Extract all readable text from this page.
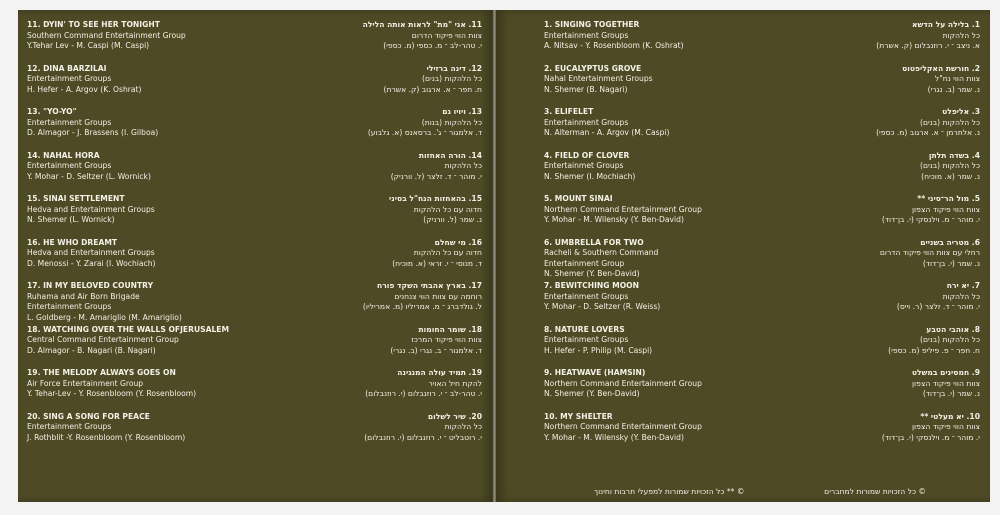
11. DYIN' TO SEE HER TONIGHT
Southern Command Entertainment Group
Y.Tehar Lev - M. Caspi (M. Caspi)
11. אני "מת" לראות אותה הלילה
צוות הווי פיקוד הדרום
י. טהר-לב ־ מ. כספי (מ. כספי)
12. DINA BARZILAI
Entertainment Groups
H. Hefer - A. Argov (K. Oshrat)
12. דינה ברזילי
כל הלהקות (בנים)
ח. חפר ־ א. ארגוב (ק. אשרת)
13. "YO-YO"
Entertainment Groups
D. Almagor - J. Brassens (I. Gilboa)
13. ויויו גם
כל הלהקות (בנות)
ד. אלמגור ־ ג'. ברסאנס (א. גלבוע)
14. NAHAL HORA
Entertainment Groups
Y. Mohar - D. Seltzer (L. Wornick)
14. הורה האחזות
כל הלהקות
י. מוהר ־ ד. זלצר (ל. וורניק)
15. SINAI SETTLEMENT
Hedva and Entertainment Groups
N. Shemer (L. Wornick)
15. בהאחזות הנח"ל בסיני
חדוה עם כל הלהקות
נ. שמר (ל. וורניק)
16. HE WHO DREAMT
Hedva and Entertainment Groups
D. Menossi - Y. Zarai (I. Wochiach)
16. מי שחלם
חדוה עם כל הלהקות
ד. מנוסי ־ י. זראי (א. מוכיח)
17. IN MY BELOVED COUNTRY
Ruhama and Air Born Brigade
Entertainment Groups
L. Goldberg - M. Amariglio (M. Amariglio)
17. בארץ אהבתי השקד פורח
רוחמה עם צוות הווי צנחנים
ל. גולדברג ־ מ. אמריליו (מ. אמריליו)
18. WATCHING OVER THE WALLS OFJERUSALEM
Central Command Entertainment Group
D. Almagor - B. Nagari (B. Nagari)
18. שומר החומות
צוות הווי פיקוד המרכז
ד. אלמגור ־ ב. נגרי (ב. נגרי)
19. THE MELODY ALWAYS GOES ON
Air Force Entertainment Group
Y. Tehar-Lev - Y. Rosenbloom (Y. Rosenbloom)
19. תמיד עולה המנגינה
להקת חיל האויר
י. טהר-לב ־ י. רוזנבלום (י. רוזנבלום)
20. SING A SONG FOR PEACE
Entertainment Groups
J. Rothblit -Y. Rosenbloom (Y. Rosenbloom)
20. שיר לשלום
כל הלהקות
י. רוטבליט ־ י. רוזנבלום (י. רוזנבלום)
1. SINGING TOGETHER
Entertainment Groups
A. Nitsav - Y. Rosenbloom (K. Oshrat)
1. בלילה על הדשא
כל הלהקות
א. ניצב ־ י. רוזנבלום (ק. אשרת)
2. EUCALYPTUS GROVE
Nahal Entertainment Groups
N. Shemer (B. Nagari)
2. חורשת האקליפטוס
צוות הווי נח"ל
נ. שמר (ב. נגרי)
3. ELIFELET
Entertainment Groups
N. Alterman - A. Argov (M. Caspi)
3. אליפלט
כל הלהקות (בנים)
נ. אלתרמן ־ א. ארגוב (מ. כספי)
4. FIELD OF CLOVER
Entertainmet Groups
N. Shemer (I. Mochiach)
4. בשדה תלתן
כל הלהקות (בנים)
נ. שמר (א. מוכיח)
5. MOUNT SINAI
Northern Command Entertainment Group
Y. Mohar - M. Wilensky (Y. Ben-David)
5. מול הר־סיני **
צוות הווי פיקוד הצפון
י. מוהר ־ מ. וילנסקי (י. בן־דוד)
6. UMBRELLA FOR TWO
Racheli & Southern Command
Entertainment Group
N. Shemer (Y. Ben-David)
6. מטריה בשניים
רחלי עם צוות הווי פיקוד הדרום
נ. שמר (י. בן־דוד)
7. BEWITCHING MOON
Entertainment Groups
Y. Mohar - D. Seltzer (R. Weiss)
7. יא ירח
כל הלהקות
י. מוהר ־ ד. זלצר (ר. וייס)
8. NATURE LOVERS
Entertainment Groups
H. Hefer - P. Philip (M. Caspi)
8. אוהבי הטבע
כל הלהקות (בנים)
ח. חפר ־ פ. פיליפ (מ. כספי)
9. HEATWAVE (HAMSIN)
Northern Command Entertainment Group
N. Shemer (Y. Ben-David)
9. חמסינים במשלט
צוות הווי פיקוד הצפון
נ. שמר (י. בן־דוד)
10. MY SHELTER
Northern Command Entertainment Group
Y. Mohar - M. Wilensky (Y. Ben-David)
10. יא מעלטי **
צוות הווי פיקוד הצפון
י. מוהר ־ מ. וילנסקי (י. בן־דוד)
© כל הזכויות שמורות למחברים
© ** כל הזכויות שמורות למפעלי תרבות וחינוך
